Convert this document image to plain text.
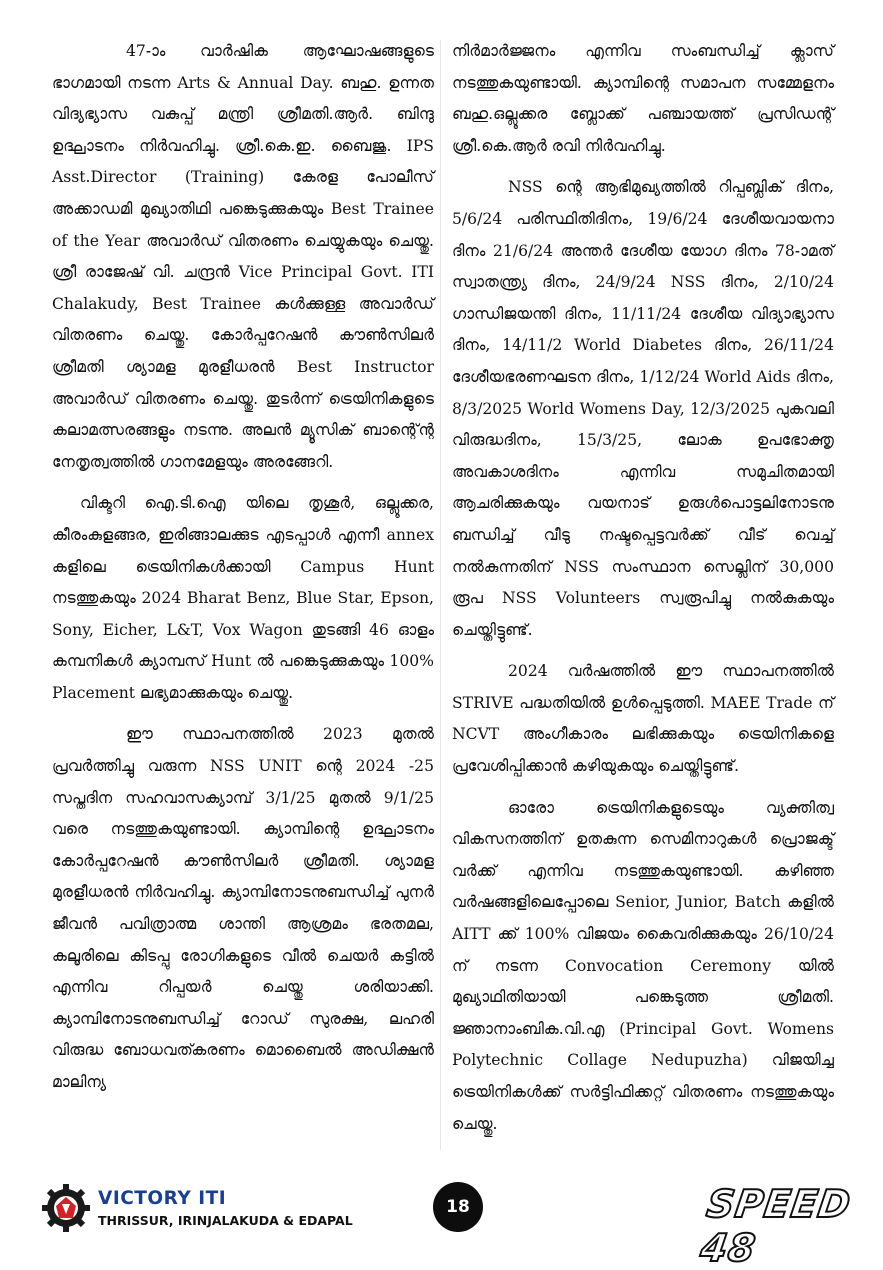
47-ാം വാർഷിക ആഘോഷങ്ങളുടെ ഭാഗമായി നടന്ന Arts & Annual Day. ബഹു. ഉന്നത വിദ്യഭ്യാസ വകുപ്പ് മന്ത്രി ശ്രീമതി.ആർ. ബിന്ദു ഉദ്ഘാടനം നിർവഹിച്ചു. ശ്രീ.കെ.ഇ. ബൈജു. IPS Asst.Director (Training) കേരള പോലീസ് അക്കാഡമി മുഖ്യാതിഥി പങ്കെടുക്കുകയും Best Trainee of the Year അവാർഡ് വിതരണം ചെയ്യുകയും ചെയ്തു. ശ്രീ രാജേഷ് വി. ചന്ദ്രൻ Vice Principal Govt. ITI Chalakudy, Best Trainee കൾക്കുള്ള അവാർഡ് വിതരണം ചെയ്തു. കോർപ്പറേഷൻ കൗൺസിലർ ശ്രീമതി ശ്യാമള മുരളീധരൻ Best Instructor അവാർഡ് വിതരണം ചെയ്തു. തുടർന്ന് ട്രെയിനികളുടെ കലാമത്സരങ്ങളും നടന്നു. അലൻ മ്യൂസിക് ബാന്റ്ന്റെ നേതൃത്വത്തിൽ ഗാനമേളയും അരങ്ങേറി.

വിക്ടറി ഐ.ടി.ഐ യിലെ തൃശൂർ, ഒല്ലൂക്കര, കീരംകുളങ്ങര, ഇരിങ്ങാലക്കുട എടപ്പാൾ എന്നീ annex കളിലെ ട്രെയിനികൾക്കായി Campus Hunt നടത്തുകയും 2024 Bharat Benz, Blue Star, Epson, Sony, Eicher, L&T, Vox Wagon തുടങ്ങി 46 ഓളം കമ്പനികൾ ക്യാമ്പസ് Hunt ൽ പങ്കെടുക്കുകയും 100% Placement ലഭ്യമാക്കുകയും ചെയ്തു.

ഈ സ്ഥാപനത്തിൽ 2023 മുതൽ പ്രവർത്തിച്ചു വരുന്ന NSS UNIT ന്റെ 2024 -25 സപ്തദിന സഹവാസക്യാമ്പ് 3/1/25 മുതൽ 9/1/25 വരെ നടത്തുകയുണ്ടായി. ക്യാമ്പിന്റെ ഉദ്ഘാടനം കോർപ്പറേഷൻ കൗൺസിലർ ശ്രീമതി. ശ്യാമള മുരളീധരൻ നിർവഹിച്ചു. ക്യാമ്പിനോടനുബന്ധിച്ച് പുനർ ജീവൻ പവിത്രാത്മ ശാന്തി ആശ്രമം ഭരതമല, കലൂരിലെ കിടപ്പു രോഗികളുടെ വീൽ ചെയർ കട്ടിൽ എന്നിവ റിപ്പയർ ചെയ്തു ശരിയാക്കി. ക്യാമ്പിനോടനുബന്ധിച്ച് റോഡ് സുരക്ഷ, ലഹരി വിരുദ്ധ ബോധവത്കരണം മൊബൈൽ അഡിക്ഷൻ മാലിന്യ

നിർമാർജ്ജനം എന്നിവ സംബന്ധിച്ച് ക്ലാസ് നടത്തുകയുണ്ടായി. ക്യാമ്പിന്റെ സമാപന സമ്മേളനം ബഹു.ഒല്ലൂക്കര ബ്ലോക്ക് പഞ്ചായത്ത് പ്രസിഡന്റ് ശ്രീ.കെ.ആർ രവി നിർവഹിച്ചു.

NSS ന്റെ ആഭിമുഖ്യത്തിൽ റിപ്പബ്ലിക് ദിനം, 5/6/24 പരിസ്ഥിതിദിനം, 19/6/24 ദേശീയവായനാ ദിനം 21/6/24 അന്തർ ദേശീയ യോഗ ദിനം 78-ാമത് സ്വാതന്ത്ര്യ ദിനം, 24/9/24 NSS ദിനം, 2/10/24 ഗാന്ധിജയന്തി ദിനം, 11/11/24 ദേശീയ വിദ്യാഭ്യാസ ദിനം, 14/11/2 World Diabetes ദിനം, 26/11/24 ദേശീയഭരണഘടന ദിനം, 1/12/24 World Aids ദിനം, 8/3/2025 World Womens Day, 12/3/2025 പുകവലി വിരുദ്ധദിനം, 15/3/25, ലോക ഉപഭോക്തൃ അവകാശദിനം എന്നിവ സമുചിതമായി ആചരിക്കുകയും വയനാട് ഉരുൾപൊട്ടലിനോടനു ബന്ധിച്ച് വീടു നഷ്ടപ്പെട്ടവർക്ക് വീട് വെച്ച് നൽകുന്നതിന് NSS സംസ്ഥാന സെല്ലിന് 30,000 രൂപ NSS Volunteers സ്വരൂപിച്ചു നൽകുകയും ചെയ്തിട്ടുണ്ട്.

2024 വർഷത്തിൽ ഈ സ്ഥാപനത്തിൽ STRIVE പദ്ധതിയിൽ ഉൾപ്പെടുത്തി. MAEE Trade ന് NCVT അംഗീകാരം ലഭിക്കുകയും ട്രെയിനികളെ പ്രവേശിപ്പിക്കാൻ കഴിയുകയും ചെയ്തിട്ടുണ്ട്.

ഓരോ ട്രെയിനികളുടെയും വ്യക്തിത്വ വികസനത്തിന് ഉതകുന്ന സെമിനാറുകൾ പ്രൊജക്ട് വർക്ക് എന്നിവ നടത്തുകയുണ്ടായി. കഴിഞ്ഞ വർഷങ്ങളിലെപ്പോലെ Senior, Junior, Batch കളിൽ AITT ക്ക് 100% വിജയം കൈവരിക്കുകയും 26/10/24 ന് നടന്ന Convocation Ceremony യിൽ മുഖ്യാഥിതിയായി പങ്കെടുത്ത ശ്രീമതി. ജ്ഞാനാംബിക.വി.എ (Principal Govt. Womens Polytechnic Collage Nedupuzha) വിജയിച്ച ട്രെയിനികൾക്ക് സർട്ടിഫിക്കറ്റ് വിതരണം നടത്തുകയും ചെയ്തു.

VICTORY ITI
THRISSUR, IRINJALAKUDA & EDAPAL
18	SPEED 48
